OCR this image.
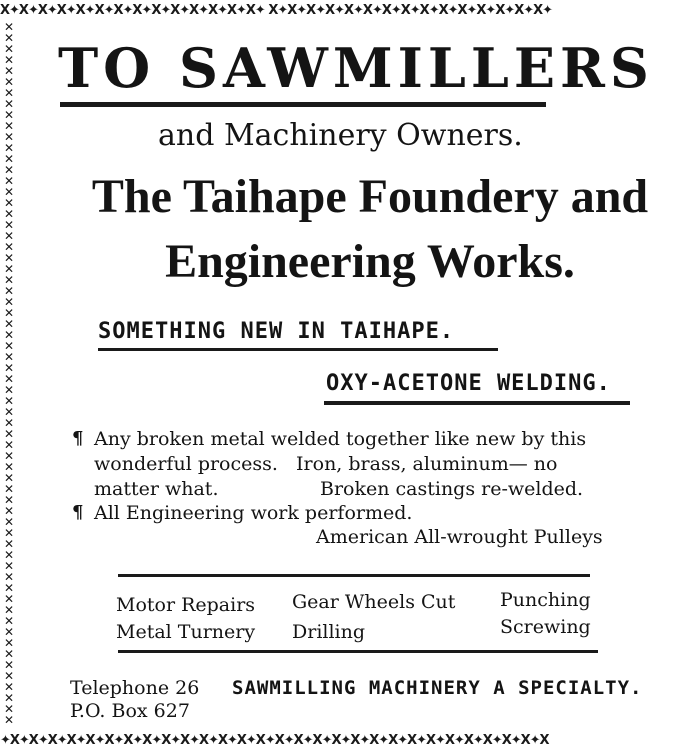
X✦X✦X✦X✦X✦X✦X✦X✦X✦X✦X✦X✦X✦X✦ X✦X✦X✦X✦X✦X✦X✦X✦X✦X✦X✦X✦X✦X✦X✦
✕✕✕✕✕✕✕✕✕✕✕✕✕✕✕✕✕✕✕✕✕✕✕✕✕✕✕✕✕✕✕✕✕✕✕✕✕✕✕✕✕✕✕✕✕✕✕✕✕✕✕✕✕✕✕✕✕✕✕✕✕✕✕✕
✦X✦X✦X✦X✦X✦X✦X✦X✦X✦X✦X✦X✦X✦X✦X✦X✦X✦X✦X✦X✦X✦X✦X✦X✦X✦X✦X✦X✦X
TO SAWMILLERS
and Machinery Owners.
The Taihape Foundery and
Engineering Works.
SOMETHING NEW IN TAIHAPE.
OXY-ACETONE WELDING.
¶ Any broken metal welded together like new by this
wonderful process.   Iron, brass, aluminum— no
matter what.	Broken castings re-welded.
¶ All Engineering work performed.
American All-wrought Pulleys
Motor Repairs Gear Wheels Cut Punching
Metal Turnery Drilling	Screwing
Telephone 26
P.O. Box 627
SAWMILLING MACHINERY A SPECIALTY.
